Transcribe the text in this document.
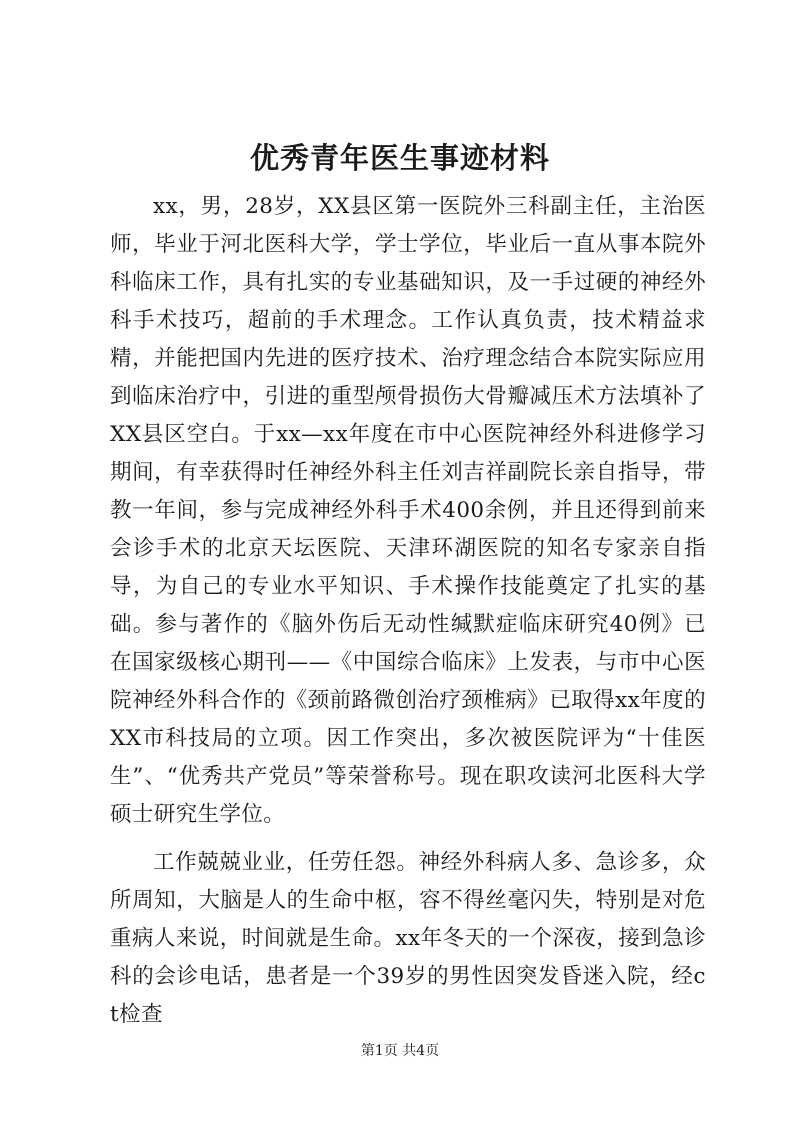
优秀青年医生事迹材料

xx，男，28岁，XX县区第一医院外三科副主任，主治医师，毕业于河北医科大学，学士学位，毕业后一直从事本院外科临床工作，具有扎实的专业基础知识，及一手过硬的神经外科手术技巧，超前的手术理念。工作认真负责，技术精益求精，并能把国内先进的医疗技术、治疗理念结合本院实际应用到临床治疗中，引进的重型颅骨损伤大骨瓣减压术方法填补了XX县区空白。于xx—xx年度在市中心医院神经外科进修学习期间，有幸获得时任神经外科主任刘吉祥副院长亲自指导，带教一年间，参与完成神经外科手术400余例，并且还得到前来会诊手术的北京天坛医院、天津环湖医院的知名专家亲自指导，为自己的专业水平知识、手术操作技能奠定了扎实的基础。参与著作的《脑外伤后无动性缄默症临床研究40例》已在国家级核心期刊——《中国综合临床》上发表，与市中心医院神经外科合作的《颈前路微创治疗颈椎病》已取得xx年度的XX市科技局的立项。因工作突出，多次被医院评为“十佳医生”、“优秀共产党员”等荣誉称号。现在职攻读河北医科大学硕士研究生学位。

工作兢兢业业，任劳任怨。神经外科病人多、急诊多，众所周知，大脑是人的生命中枢，容不得丝毫闪失，特别是对危重病人来说，时间就是生命。xx年冬天的一个深夜，接到急诊科的会诊电话，患者是一个39岁的男性因突发昏迷入院，经ct检查

第1页 共4页
